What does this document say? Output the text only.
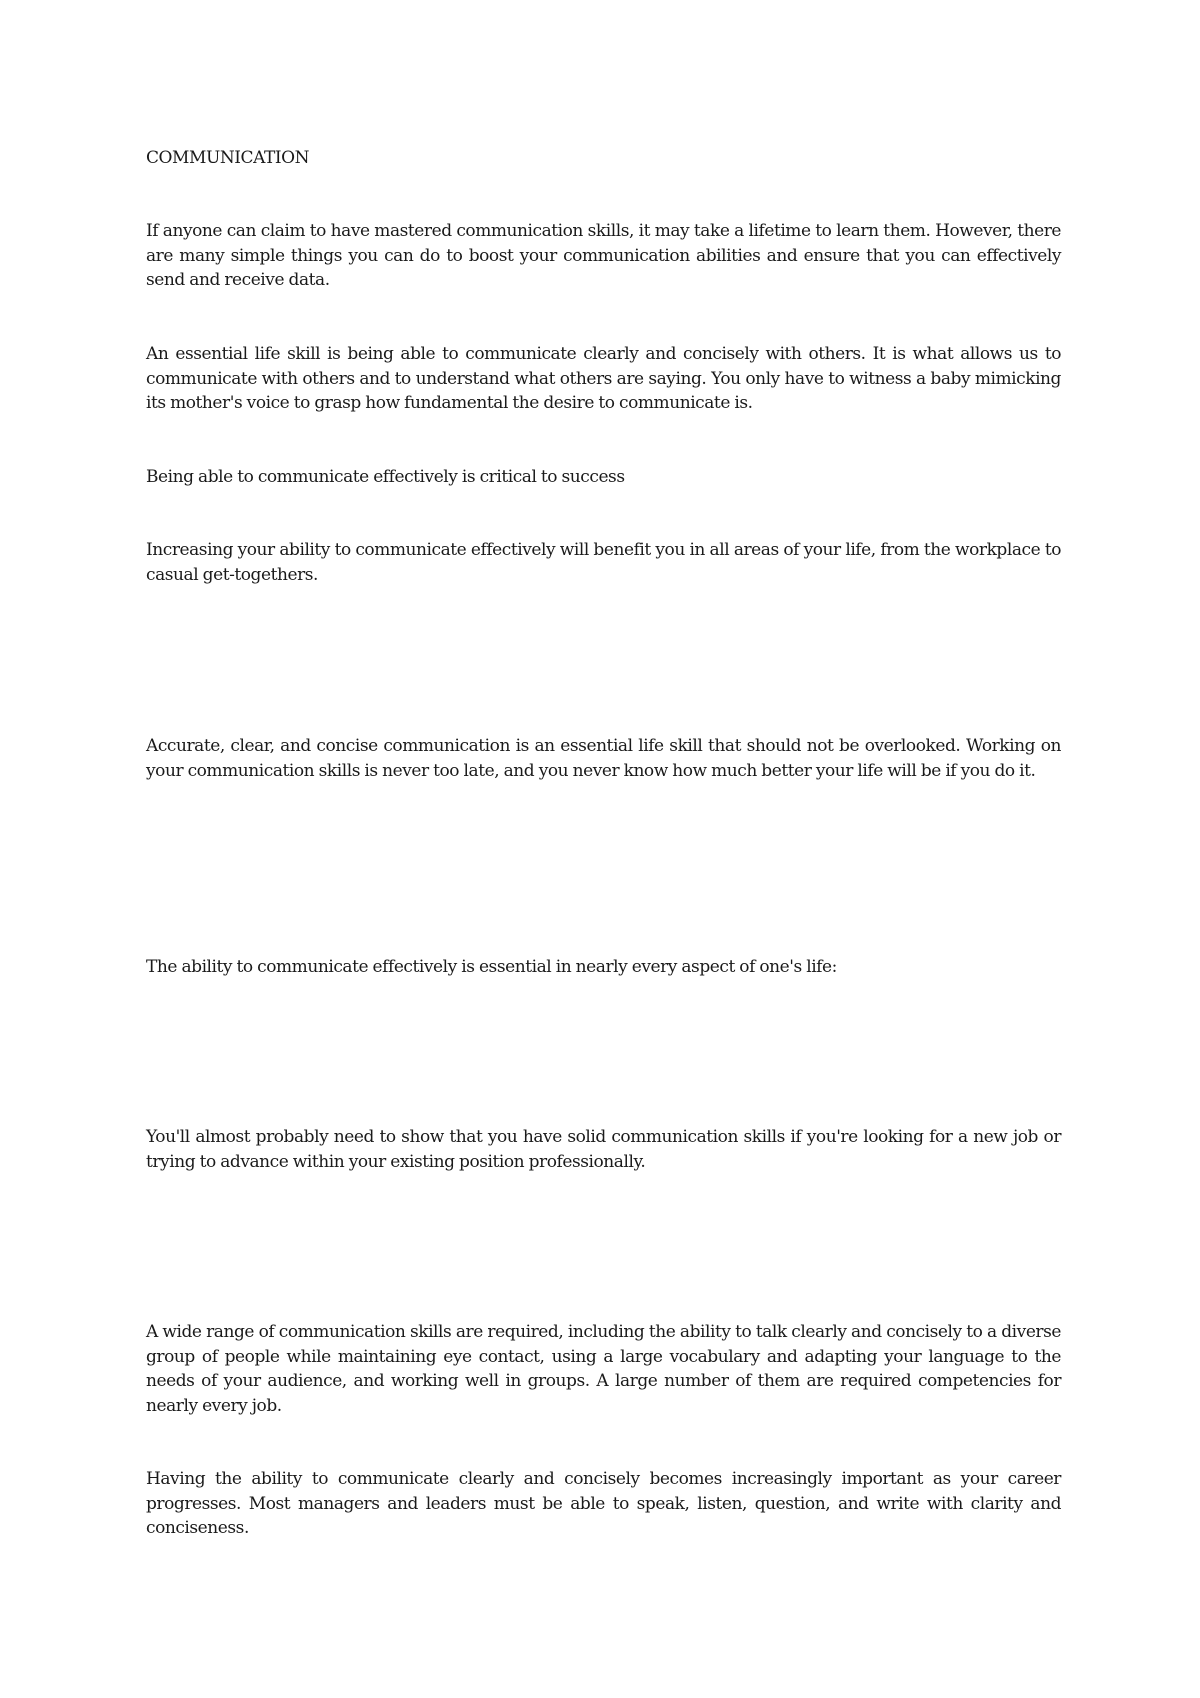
COMMUNICATION

If anyone can claim to have mastered communication skills, it may take a lifetime to learn them. However, there are many simple things you can do to boost your communication abilities and ensure that you can effectively send and receive data.

An essential life skill is being able to communicate clearly and concisely with others. It is what allows us to communicate with others and to understand what others are saying. You only have to witness a baby mimicking its mother's voice to grasp how fundamental the desire to communicate is.

Being able to communicate effectively is critical to success

Increasing your ability to communicate effectively will benefit you in all areas of your life, from the workplace to casual get-togethers.

Accurate, clear, and concise communication is an essential life skill that should not be overlooked. Working on your communication skills is never too late, and you never know how much better your life will be if you do it.

The ability to communicate effectively is essential in nearly every aspect of one's life:

You'll almost probably need to show that you have solid communication skills if you're looking for a new job or trying to advance within your existing position professionally.

A wide range of communication skills are required, including the ability to talk clearly and concisely to a diverse group of people while maintaining eye contact, using a large vocabulary and adapting your language to the needs of your audience, and working well in groups. A large number of them are required competencies for nearly every job.

Having the ability to communicate clearly and concisely becomes increasingly important as your career progresses. Most managers and leaders must be able to speak, listen, question, and write with clarity and conciseness.
